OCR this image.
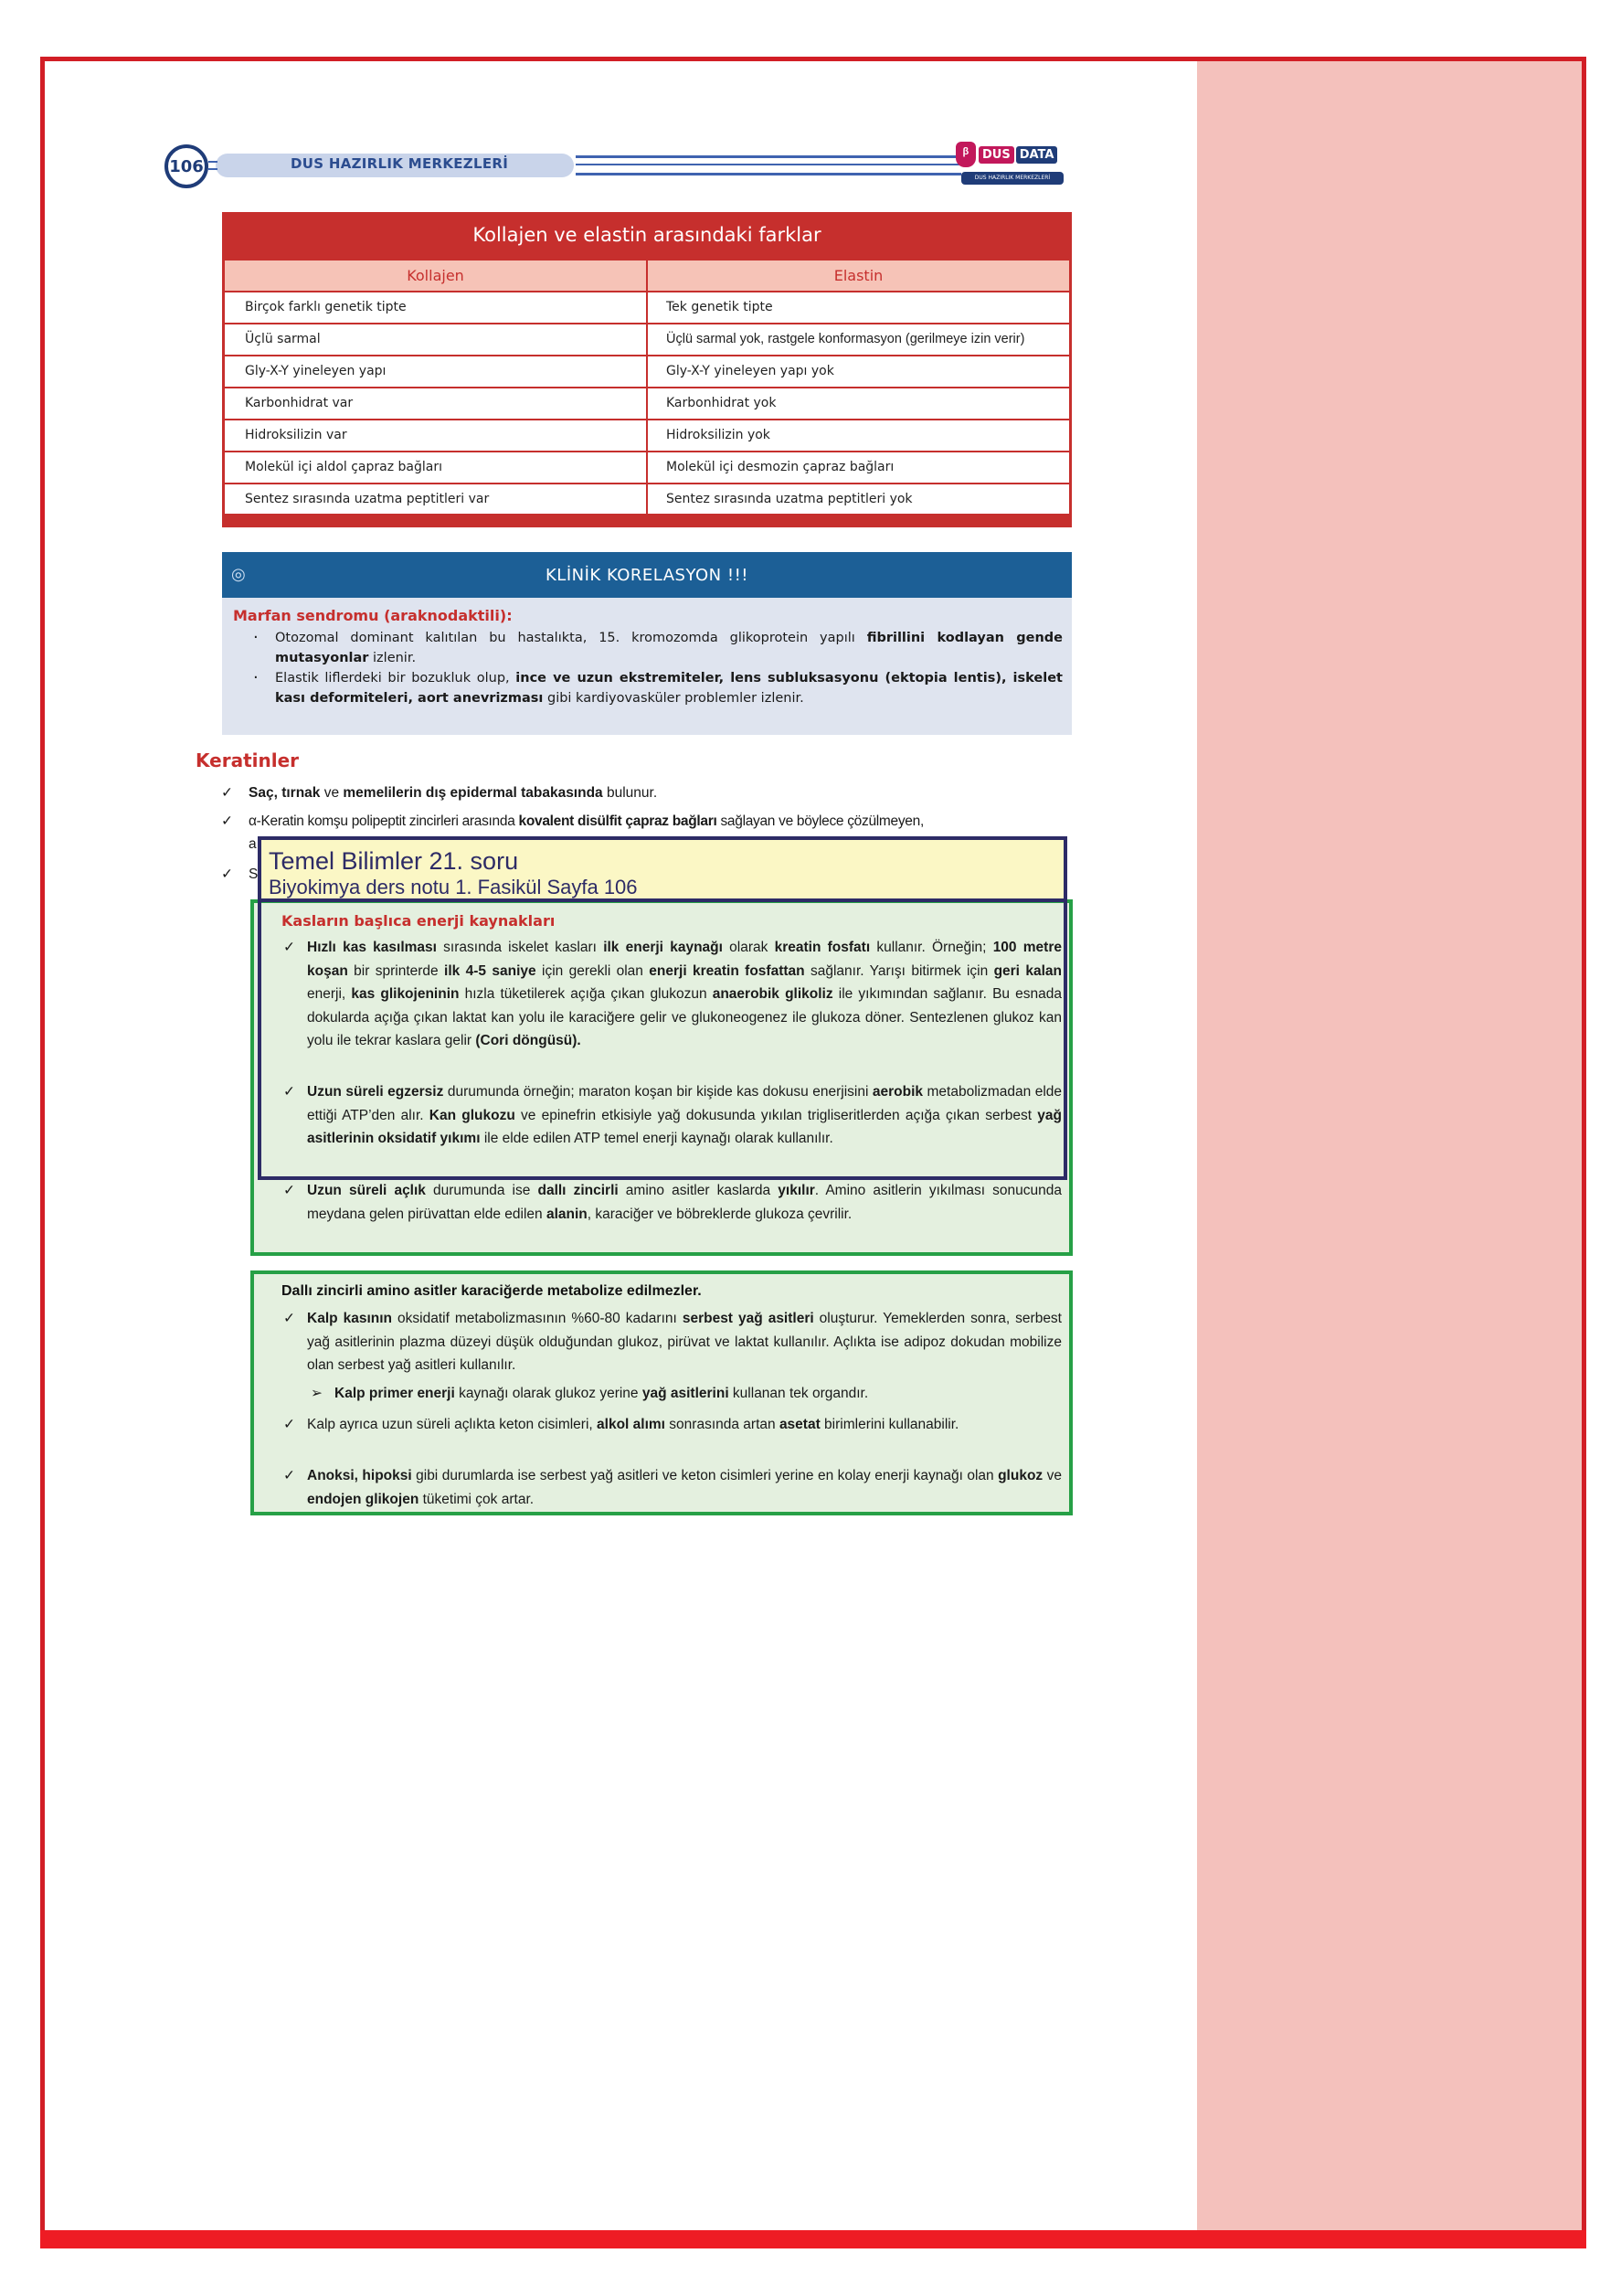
106	DUS HAZIRLIK MERKEZLERİ
ᵝ	DUS DATA
DUS HAZIRLIK MERKEZLERİ
Kollajen ve elastin arasındaki farklar
Kollajen	Elastin
Birçok farklı genetik tipte	Tek genetik tipte
Üçlü sarmal	Üçlü sarmal yok, rastgele konformasyon (gerilmeye izin verir)
Gly-X-Y yineleyen yapı	Gly-X-Y yineleyen yapı yok
Karbonhidrat var	Karbonhidrat yok
Hidroksilizin var	Hidroksilizin yok
Molekül içi aldol çapraz bağları	Molekül içi desmozin çapraz bağları
Sentez sırasında uzatma peptitleri var	Sentez sırasında uzatma peptitleri yok
◎	KLİNİK KORELASYON !!!
Marfan sendromu (araknodaktili):
· Otozomal dominant kalıtılan bu hastalıkta, 15. kromozomda glikoprotein yapılı fibrillini kodlayan gende mutasyonlar izlenir.
· Elastik liflerdeki bir bozukluk olup, ince ve uzun ekstremiteler, lens subluksasyonu (ektopia lentis), iskelet kası deformiteleri, aort anevrizması gibi kardiyovasküler problemler izlenir.
Keratinler
✓ Saç, tırnak ve memelilerin dış epidermal tabakasında bulunur.
✓ α-Keratin komşu polipeptit zincirleri arasında kovalent disülfit çapraz bağları sağlayan ve böylece çözülmeyen,
a
✓ S
Kasların başlıca enerji kaynakları
✓ Hızlı kas kasılması sırasında iskelet kasları ilk enerji kaynağı olarak kreatin fosfatı kullanır. Örneğin; 100 metre koşan bir sprinterde ilk 4-5 saniye için gerekli olan enerji kreatin fosfattan sağlanır. Yarışı bitirmek için geri kalan enerji, kas glikojeninin hızla tüketilerek açığa çıkan glukozun anaerobik glikoliz ile yıkımından sağlanır. Bu esnada dokularda açığa çıkan laktat kan yolu ile karaciğere gelir ve glukoneogenez ile glukoza döner. Sentezlenen glukoz kan yolu ile tekrar kaslara gelir (Cori döngüsü).
✓ Uzun süreli egzersiz durumunda örneğin; maraton koşan bir kişide kas dokusu enerjisini aerobik metabolizmadan elde ettiği ATP’den alır. Kan glukozu ve epinefrin etkisiyle yağ dokusunda yıkılan trigliseritlerden açığa çıkan serbest yağ asitlerinin oksidatif yıkımı ile elde edilen ATP temel enerji kaynağı olarak kullanılır.
✓ Uzun süreli açlık durumunda ise dallı zincirli amino asitler kaslarda yıkılır. Amino asitlerin yıkılması sonucunda meydana gelen pirüvattan elde edilen alanin, karaciğer ve böbreklerde glukoza çevrilir.
Dallı zincirli amino asitler karaciğerde metabolize edilmezler.
✓ Kalp kasının oksidatif metabolizmasının %60-80 kadarını serbest yağ asitleri oluşturur. Yemeklerden sonra, serbest yağ asitlerinin plazma düzeyi düşük olduğundan glukoz, pirüvat ve laktat kullanılır. Açlıkta ise adipoz dokudan mobilize olan serbest yağ asitleri kullanılır.
➢ Kalp primer enerji kaynağı olarak glukoz yerine yağ asitlerini kullanan tek organdır.
✓ Kalp ayrıca uzun süreli açlıkta keton cisimleri, alkol alımı sonrasında artan asetat birimlerini kullanabilir.
✓ Anoksi, hipoksi gibi durumlarda ise serbest yağ asitleri ve keton cisimleri yerine en kolay enerji kaynağı olan glukoz ve endojen glikojen tüketimi çok artar.
Temel Bilimler 21. soru
Biyokimya ders notu 1. Fasikül Sayfa 106
